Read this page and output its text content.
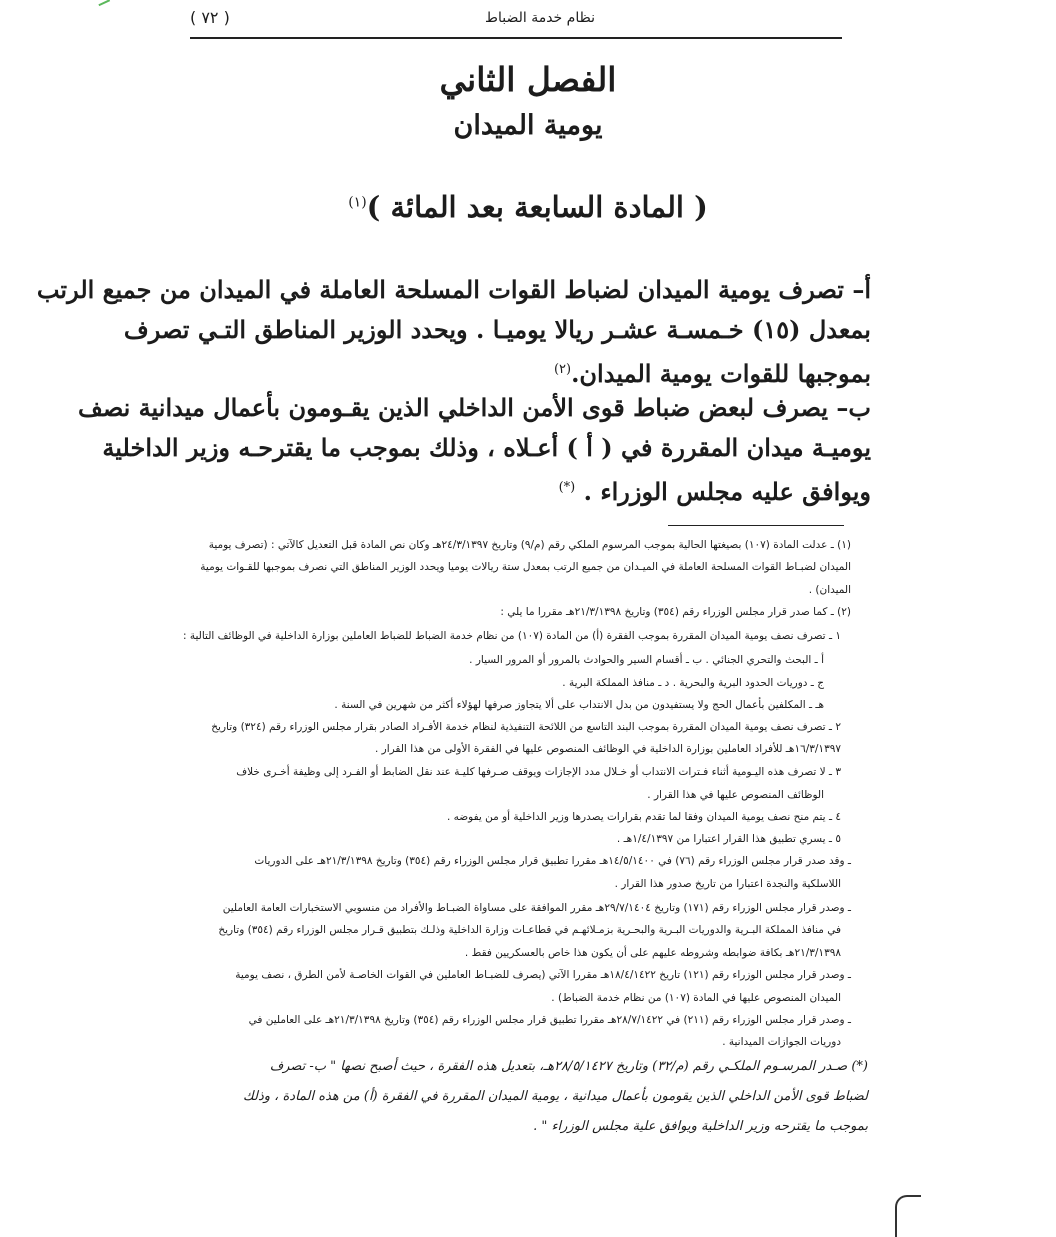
نظام خدمة الضباط
( ٧٢ )
الفصل الثاني
يومية الميدان
( المادة السابعة بعد المائة )$^{(١)}$
أ– تصرف يومية الميدان لضباط القوات المسلحة العاملة في الميدان من جميع الرتب
بمعدل (١٥) خـمسـة عشـر ريالا يوميـا . ويحدد الوزير المناطق التـي تصرف
بموجبها للقوات يومية الميدان.$^{(٢)}$
ب– يصرف لبعض ضباط قوى الأمن الداخلي الذين يقـومون بأعمال ميدانية نصف
يوميـة ميدان المقررة في ( أ ) أعـلاه ، وذلك بموجب ما يقترحـه وزير الداخلية
ويوافق عليه مجلس الوزراء . (*)
(١) ـ عدلت المادة (١٠٧) بصيغتها الحالية بموجب المرسوم الملكي رقم (م/٩) وتاريخ ٢٤/٣/١٣٩٧هـ وكان نص المادة قبل التعديل كالآتي : (تصرف يومية
الميدان لضبـاط القوات المسلحة العاملة في الميـدان من جميع الرتب بمعدل ستة ريالات يوميا ويحدد الوزير المناطق التي نصرف بموجبها للقـوات يومية
الميدان) .
(٢) ـ كما صدر قرار مجلس الوزراء رقم (٣٥٤) وتاريخ ٢١/٣/١٣٩٨هـ مقررا ما يلي :
١ ـ تصرف نصف يومية الميدان المقررة بموجب الفقرة (أ) من المادة (١٠٧) من نظام خدمة الضباط للضباط العاملين بوزارة الداخلية في الوظائف التالية :
أ ـ البحث والتحري الجنائي . ب ـ أقسام السير والحوادث بالمرور أو المرور السيار .
ج ـ دوريات الحدود البرية والبحرية . د ـ منافذ المملكة البرية .
هـ ـ المكلفين بأعمال الحج ولا يستفيدون من بدل الانتداب على ألا يتجاوز صرفها لهؤلاء أكثر من شهرين في السنة .
٢ ـ تصرف نصف يومية الميدان المقررة بموجب البند التاسع من اللائحة التنفيذية لنظام خدمة الأفـراد الصادر بقرار مجلس الوزراء رقم (٣٢٤) وتاريخ
١٦/٣/١٣٩٧هـ للأفراد العاملين بوزارة الداخلية في الوظائف المنصوص عليها في الفقرة الأولى من هذا القرار .
٣ ـ لا تصرف هذه اليـومية أثناء فـترات الانتداب أو خـلال مدد الإجازات ويوقف صـرفها كليـة عند نقل الضابط أو الفـرد إلى وظيفة أخـرى خلاف
الوظائف المنصوص عليها في هذا القرار .
٤ ـ يتم منح نصف يومية الميدان وفقا لما تقدم بقرارات يصدرها وزير الداخلية أو من يفوضه .
٥ ـ يسري تطبيق هذا القرار اعتبارا من ١/٤/١٣٩٧هـ .
ـ وقد صدر قرار مجلس الوزراء رقم (٧٦) في ١٤/٥/١٤٠٠هـ مقررا تطبيق قرار مجلس الوزراء رقم (٣٥٤) وتاريخ ٢١/٣/١٣٩٨هـ على الدوريات
اللاسلكية والنجدة اعتبارا من تاريخ صدور هذا القرار .
ـ وصدر قرار مجلس الوزراء رقم (١٧١) وتاريخ ٢٩/٧/١٤٠٤هـ مقرر الموافقة على مساواة الضبـاط والأفراد من منسوبي الاستخبارات العامة العاملين
في منافذ المملكة البـرية والدوريات البـرية والبحـرية بزمـلائهـم في قطاعـات وزارة الداخلية وذلـك بتطبيق قـرار مجلس الوزراء رقم (٣٥٤) وتاريخ
٢١/٣/١٣٩٨هـ بكافة ضوابطه وشروطه عليهم على أن يكون هذا خاص بالعسكريين فقط .
ـ وصدر قرار مجلس الوزراء رقم (١٢١) تاريخ ١٨/٤/١٤٢٢هـ مقررا الآتي (يصرف للضبـاط العاملين في القوات الخاصـة لأمن الطرق ، نصف يومية
الميدان المنصوص عليها في المادة (١٠٧) من نظام خدمة الضباط) .
ـ وصدر قرار مجلس الوزراء رقم (٢١١) في ٢٨/٧/١٤٢٢هـ مقررا تطبيق قرار مجلس الوزراء رقم (٣٥٤) وتاريخ ٢١/٣/١٣٩٨هـ على العاملين في
دوريات الجوازات الميدانية .
(*) صـدر المرسـوم الملكـي رقم (م/٣٢) وتاريخ ٢٨/٥/١٤٢٧هـ، بتعديل هذه الفقرة ، حيث أصبح نصها " ب- تصرف
لضباط قوى الأمن الداخلي الذين يقومون بأعمال ميدانية ، يومية الميدان المقررة في الفقرة (أ) من هذه المادة ، وذلك
بموجب ما يقترحه وزير الداخلية ويوافق علية مجلس الوزراء " .
